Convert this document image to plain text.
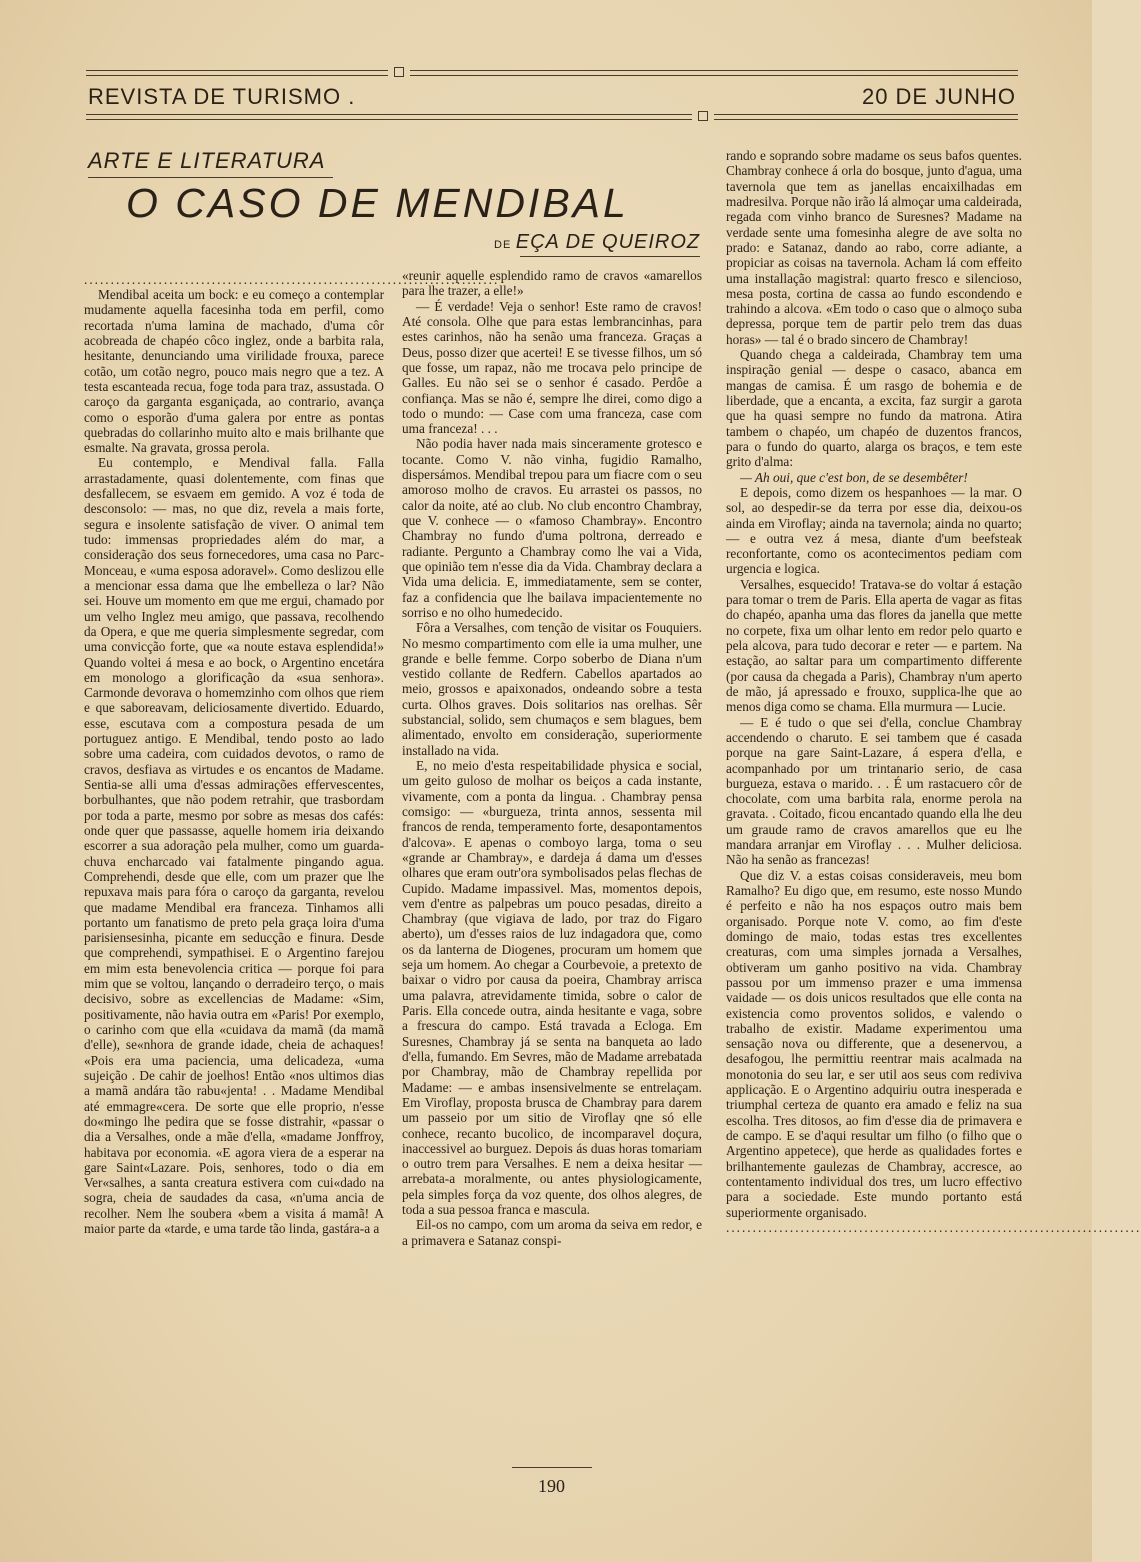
REVISTA DE TURISMO .	20 DE JUNHO
ARTE E LITERATURA
O CASO DE MENDIBAL
DE EÇA DE QUEIROZ
..............................................................................

Mendibal aceita um bock: e eu começo a contemplar mudamente aquella facesinha toda em perfil, como recortada n'uma lamina de machado, d'uma côr acobreada de chapéo côco inglez, onde a barbita rala, hesitante, denunciando uma virilidade frouxa, parece cotão, um cotão negro, pouco mais negro que a tez. A testa escanteada recua, foge toda para traz, assustada. O caroço da garganta esganiçada, ao contrario, avança como o esporão d'uma galera por entre as pontas quebradas do collarinho muito alto e mais brilhante que esmalte. Na gravata, grossa perola.

Eu contemplo, e Mendival falla. Falla arrastadamente, quasi dolentemente, com finas que desfallecem, se esvaem em gemido. A voz é toda de desconsolo: — mas, no que diz, revela a mais forte, segura e insolente satisfação de viver. O animal tem tudo: immensas propriedades além do mar, a consideração dos seus fornecedores, uma casa no Parc-Monceau, e «uma esposa adoravel». Como deslizou elle a mencionar essa dama que lhe embelleza o lar? Não sei. Houve um momento em que me ergui, chamado por um velho Inglez meu amigo, que passava, recolhendo da Opera, e que me queria simplesmente segredar, com uma convicção forte, que «a noute estava esplendida!» Quando voltei á mesa e ao bock, o Argentino encetára em monologo a glorificação da «sua senhora». Carmonde devorava o homemzinho com olhos que riem e que saboreavam, deliciosamente divertido. Eduardo, esse, escutava com a compostura pesada de um portuguez antigo. E Mendibal, tendo posto ao lado sobre uma cadeira, com cuidados devotos, o ramo de cravos, desfiava as virtudes e os encantos de Madame. Sentia-se alli uma d'essas admirações effervescentes, borbulhantes, que não podem retrahir, que trasbordam por toda a parte, mesmo por sobre as mesas dos cafés: onde quer que passasse, aquelle homem iria deixando escorrer a sua adoração pela mulher, como um guarda-chuva encharcado vai fatalmente pingando agua. Comprehendi, desde que elle, com um prazer que lhe repuxava mais para fóra o caroço da garganta, revelou que madame Mendibal era franceza. Tinhamos alli portanto um fanatismo de preto pela graça loira d'uma parisiensesinha, picante em seducção e finura. Desde que comprehendi, sympathisei. E o Argentino farejou em mim esta benevolencia critica — porque foi para mim que se voltou, lançando o derradeiro terço, o mais decisivo, sobre as excellencias de Madame: «Sim, positivamente, não havia outra em «Paris! Por exemplo, o carinho com que ella «cuidava da mamã (da mamã d'elle), se«nhora de grande idade, cheia de achaques! «Pois era uma paciencia, uma delicadeza, «uma sujeição . De cahir de joelhos! Então «nos ultimos dias a mamã andára tão rabu«jenta! . . Madame Mendibal até emmagre«cera. De sorte que elle proprio, n'esse do«mingo lhe pedira que se fosse distrahir, «passar o dia a Versalhes, onde a mãe d'ella, «madame Jonffroy, habitava por economia. «E agora viera de a esperar na gare Saint«Lazare. Pois, senhores, todo o dia em Ver«salhes, a santa creatura estivera com cui«dado na sogra, cheia de saudades da casa, «n'uma ancia de recolher. Nem lhe soubera «bem a visita á mamã! A maior parte da «tarde, e uma tarde tão linda, gastára-a a

«reunir aquelle esplendido ramo de cravos «amarellos para lhe trazer, a elle!»

— É verdade! Veja o senhor! Este ramo de cravos! Até consola. Olhe que para estas lembrancinhas, para estes carinhos, não ha senão uma franceza. Graças a Deus, posso dizer que acertei! E se tivesse filhos, um só que fosse, um rapaz, não me trocava pelo principe de Galles. Eu não sei se o senhor é casado. Perdôe a confiança. Mas se não é, sempre lhe direi, como digo a todo o mundo: — Case com uma franceza, case com uma franceza! . . .

Não podia haver nada mais sinceramente grotesco e tocante. Como V. não vinha, fugidio Ramalho, dispersámos. Mendibal trepou para um fiacre com o seu amoroso molho de cravos. Eu arrastei os passos, no calor da noite, até ao club. No club encontro Chambray, que V. conhece — o «famoso Chambray». Encontro Chambray no fundo d'uma poltrona, derreado e radiante. Pergunto a Chambray como lhe vai a Vida, que opinião tem n'esse dia da Vida. Chambray declara a Vida uma delicia. E, immediatamente, sem se conter, faz a confidencia que lhe bailava impacientemente no sorriso e no olho humedecido.

Fôra a Versalhes, com tenção de visitar os Fouquiers. No mesmo compartimento com elle ia uma mulher, une grande e belle femme. Corpo soberbo de Diana n'um vestido collante de Redfern. Cabellos apartados ao meio, grossos e apaixonados, ondeando sobre a testa curta. Olhos graves. Dois solitarios nas orelhas. Sêr substancial, solido, sem chumaços e sem blagues, bem alimentado, envolto em consideração, superiormente installado na vida.

E, no meio d'esta respeitabilidade physica e social, um geito guloso de molhar os beiços a cada instante, vivamente, com a ponta da lingua. . Chambray pensa comsigo: — «burgueza, trinta annos, sessenta mil francos de renda, temperamento forte, desapontamentos d'alcova». E apenas o comboyo larga, toma o seu «grande ar Chambray», e dardeja á dama um d'esses olhares que eram outr'ora symbolisados pelas flechas de Cupido. Madame impassivel. Mas, momentos depois, vem d'entre as palpebras um pouco pesadas, direito a Chambray (que vigiava de lado, por traz do Figaro aberto), um d'esses raios de luz indagadora que, como os da lanterna de Diogenes, procuram um homem que seja um homem. Ao chegar a Courbevoie, a pretexto de baixar o vidro por causa da poeira, Chambray arrisca uma palavra, atrevidamente timida, sobre o calor de Paris. Ella concede outra, ainda hesitante e vaga, sobre a frescura do campo. Está travada a Ecloga. Em Suresnes, Chambray já se senta na banqueta ao lado d'ella, fumando. Em Sevres, mão de Madame arrebatada por Chambray, mão de Chambray repellida por Madame: — e ambas insensivelmente se entrelaçam. Em Viroflay, proposta brusca de Chambray para darem um passeio por um sitio de Viroflay qne só elle conhece, recanto bucolico, de incomparavel doçura, inaccessivel ao burguez. Depois ás duas horas tomariam o outro trem para Versalhes. E nem a deixa hesitar — arrebata-a moralmente, ou antes physiologicamente, pela simples força da voz quente, dos olhos alegres, de toda a sua pessoa franca e mascula.

Eil-os no campo, com um aroma da seiva em redor, e a primavera e Satanaz conspi-

rando e soprando sobre madame os seus bafos quentes. Chambray conhece á orla do bosque, junto d'agua, uma tavernola que tem as janellas encaixilhadas em madresilva. Porque não irão lá almoçar uma caldeirada, regada com vinho branco de Suresnes? Madame na verdade sente uma fomesinha alegre de ave solta no prado: e Satanaz, dando ao rabo, corre adiante, a propiciar as coisas na tavernola. Acham lá com effeito uma installação magistral: quarto fresco e silencioso, mesa posta, cortina de cassa ao fundo escondendo e trahindo a alcova. «Em todo o caso que o almoço suba depressa, porque tem de partir pelo trem das duas horas» — tal é o brado sincero de Chambray!

Quando chega a caldeirada, Chambray tem uma inspiração genial — despe o casaco, abanca em mangas de camisa. É um rasgo de bohemia e de liberdade, que a encanta, a excita, faz surgir a garota que ha quasi sempre no fundo da matrona. Atira tambem o chapéo, um chapéo de duzentos francos, para o fundo do quarto, alarga os braços, e tem este grito d'alma:

— Ah oui, que c'est bon, de se desembêter!

E depois, como dizem os hespanhoes — la mar. O sol, ao despedir-se da terra por esse dia, deixou-os ainda em Viroflay; ainda na tavernola; ainda no quarto; — e outra vez á mesa, diante d'um beefsteak reconfortante, como os acontecimentos pediam com urgencia e logica.

Versalhes, esquecido! Tratava-se do voltar á estação para tomar o trem de Paris. Ella aperta de vagar as fitas do chapéo, apanha uma das flores da janella que mette no corpete, fixa um olhar lento em redor pelo quarto e pela alcova, para tudo decorar e reter — e partem. Na estação, ao saltar para um compartimento differente (por causa da chegada a Paris), Chambray n'um aperto de mão, já apressado e frouxo, supplica-lhe que ao menos diga como se chama. Ella murmura — Lucie.

— E é tudo o que sei d'ella, conclue Chambray accendendo o charuto. E sei tambem que é casada porque na gare Saint-Lazare, á espera d'ella, e acompanhado por um trintanario serio, de casa burgueza, estava o marido. . . É um rastacuero côr de chocolate, com uma barbita rala, enorme perola na gravata. . Coitado, ficou encantado quando ella lhe deu um graude ramo de cravos amarellos que eu lhe mandara arranjar em Viroflay . . . Mulher deliciosa. Não ha senão as francezas!

Que diz V. a estas coisas consideraveis, meu bom Ramalho? Eu digo que, em resumo, este nosso Mundo é perfeito e não ha nos espaços outro mais bem organisado. Porque note V. como, ao fim d'este domingo de maio, todas estas tres excellentes creaturas, com uma simples jornada a Versalhes, obtiveram um ganho positivo na vida. Chambray passou por um immenso prazer e uma immensa vaidade — os dois unicos resultados que elle conta na existencia como proventos solidos, e valendo o trabalho de existir. Madame experimentou uma sensação nova ou differente, que a desenervou, a desafogou, lhe permittiu reentrar mais acalmada na monotonia do seu lar, e ser util aos seus com rediviva applicação. E o Argentino adquiriu outra inesperada e triumphal certeza de quanto era amado e feliz na sua escolha. Tres ditosos, ao fim d'esse dia de primavera e de campo. E se d'aqui resultar um filho (o filho que o Argentino appetece), que herde as qualidades fortes e brilhantemente gaulezas de Chambray, accresce, ao contentamento individual dos tres, um lucro effectivo para a sociedade. Este mundo portanto está superiormente organisado.

..............................................................................
190
